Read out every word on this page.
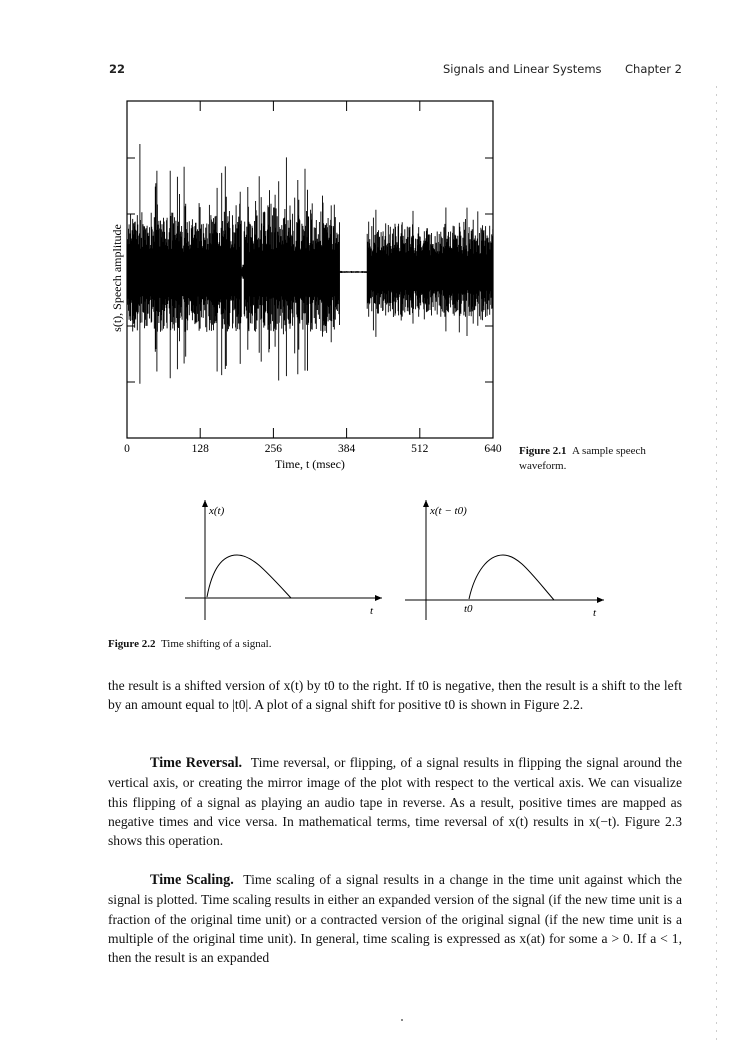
22	Signals and Linear Systems Chapter 2
s(t), Speech amplitude
0	128	256	384	512	640
Time, t (msec)
Figure 2.1 A sample speech waveform.
x(t)	x(t − t0)
t	t
t0
Figure 2.2 Time shifting of a signal.

the result is a shifted version of x(t) by t0 to the right. If t0 is negative, then the result is a shift to the left by an amount equal to |t0|. A plot of a signal shift for positive t0 is shown in Figure 2.2.

Time Reversal. Time reversal, or flipping, of a signal results in flipping the signal around the vertical axis, or creating the mirror image of the plot with respect to the vertical axis. We can visualize this flipping of a signal as playing an audio tape in reverse. As a result, positive times are mapped as negative times and vice versa. In mathematical terms, time reversal of x(t) results in x(−t). Figure 2.3 shows this operation.

Time Scaling. Time scaling of a signal results in a change in the time unit against which the signal is plotted. Time scaling results in either an expanded version of the signal (if the new time unit is a fraction of the original time unit) or a contracted version of the original signal (if the new time unit is a multiple of the original time unit). In general, time scaling is expressed as x(at) for some a > 0. If a < 1, then the result is an expanded
